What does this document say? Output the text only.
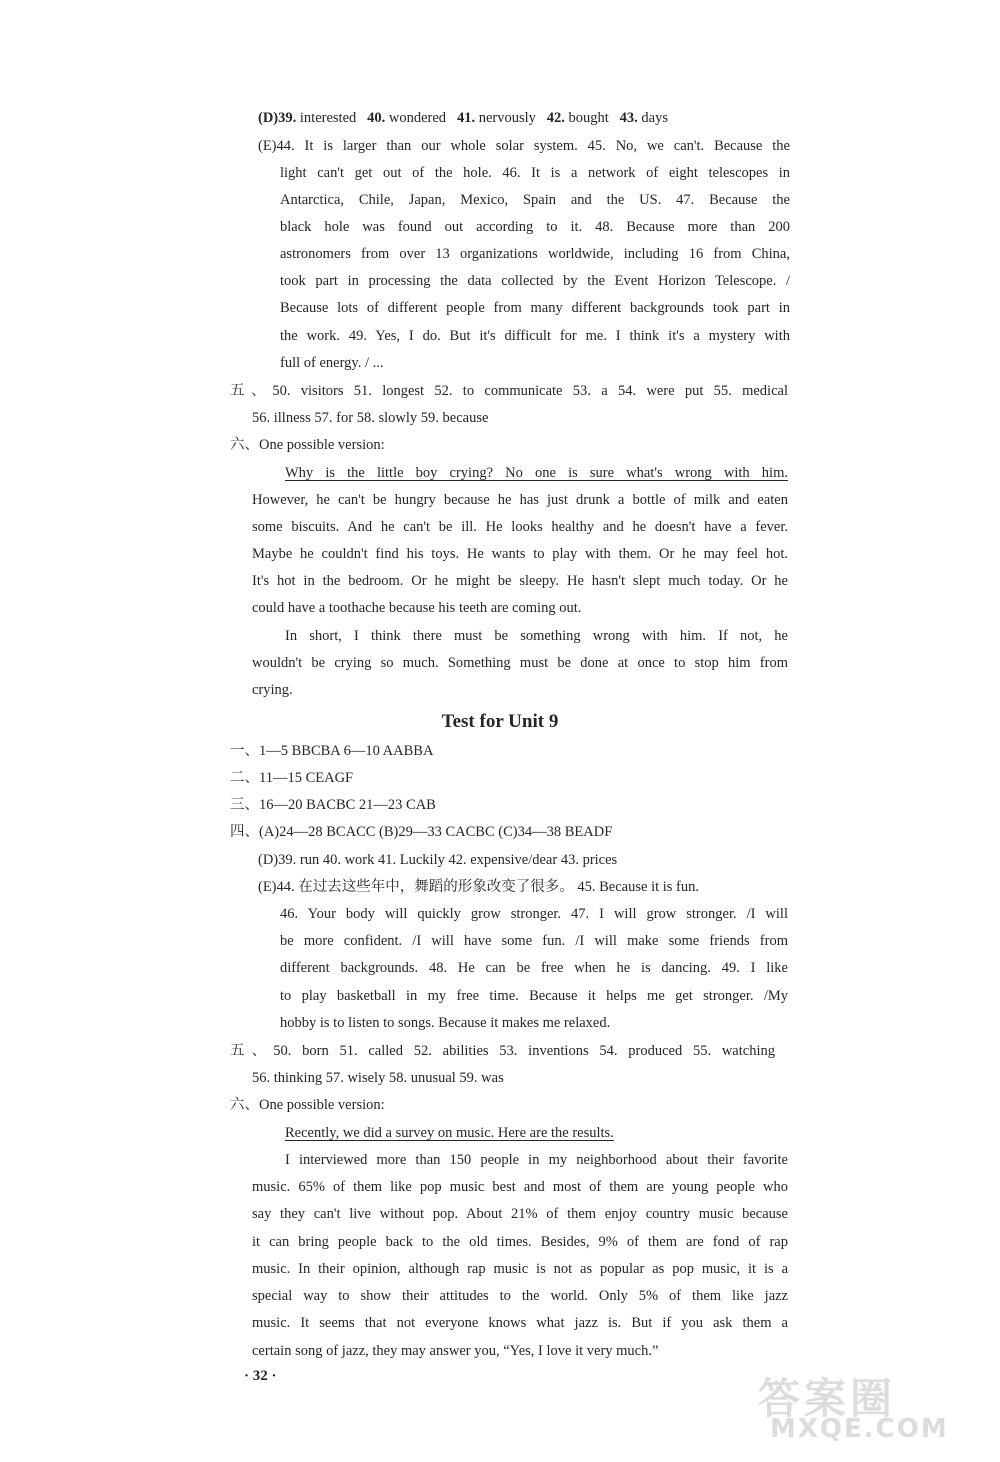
(D)39. interested 40. wondered 41. nervously 42. bought 43. days
(E)44. It is larger than our whole solar system. 45. No, we can't. Because the
light can't get out of the hole. 46. It is a network of eight telescopes in
Antarctica, Chile, Japan, Mexico, Spain and the US. 47. Because the
black hole was found out according to it. 48. Because more than 200
astronomers from over 13 organizations worldwide, including 16 from China,
took part in processing the data collected by the Event Horizon Telescope. /
Because lots of different people from many different backgrounds took part in
the work. 49. Yes, I do. But it's difficult for me. I think it's a mystery with
full of energy. / ...
五、50. visitors 51. longest 52. to communicate 53. a 54. were put 55. medical
56. illness 57. for 58. slowly 59. because
六、One possible version:
Why is the little boy crying? No one is sure what's wrong with him.
However, he can't be hungry because he has just drunk a bottle of milk and eaten
some biscuits. And he can't be ill. He looks healthy and he doesn't have a fever.
Maybe he couldn't find his toys. He wants to play with them. Or he may feel hot.
It's hot in the bedroom. Or he might be sleepy. He hasn't slept much today. Or he
could have a toothache because his teeth are coming out.
In short, I think there must be something wrong with him. If not, he
wouldn't be crying so much. Something must be done at once to stop him from
crying.
Test for Unit 9
一、1—5 BBCBA 6—10 AABBA
二、11—15 CEAGF
三、16—20 BACBC 21—23 CAB
四、(A)24—28 BCACC (B)29—33 CACBC (C)34—38 BEADF
(D)39. run 40. work 41. Luckily 42. expensive/dear 43. prices
(E)44. 在过去这些年中，舞蹈的形象改变了很多。 45. Because it is fun.
46. Your body will quickly grow stronger. 47. I will grow stronger. /I will
be more confident. /I will have some fun. /I will make some friends from
different backgrounds. 48. He can be free when he is dancing. 49. I like
to play basketball in my free time. Because it helps me get stronger. /My
hobby is to listen to songs. Because it makes me relaxed.
五、50. born 51. called 52. abilities 53. inventions 54. produced 55. watching
56. thinking 57. wisely 58. unusual 59. was
六、One possible version:
Recently, we did a survey on music. Here are the results.
I interviewed more than 150 people in my neighborhood about their favorite
music. 65% of them like pop music best and most of them are young people who
say they can't live without pop. About 21% of them enjoy country music because
it can bring people back to the old times. Besides, 9% of them are fond of rap
music. In their opinion, although rap music is not as popular as pop music, it is a
special way to show their attitudes to the world. Only 5% of them like jazz
music. It seems that not everyone knows what jazz is. But if you ask them a
certain song of jazz, they may answer you, “Yes, I love it very much.”
· 32 ·	答案圈
MXQE.COM
